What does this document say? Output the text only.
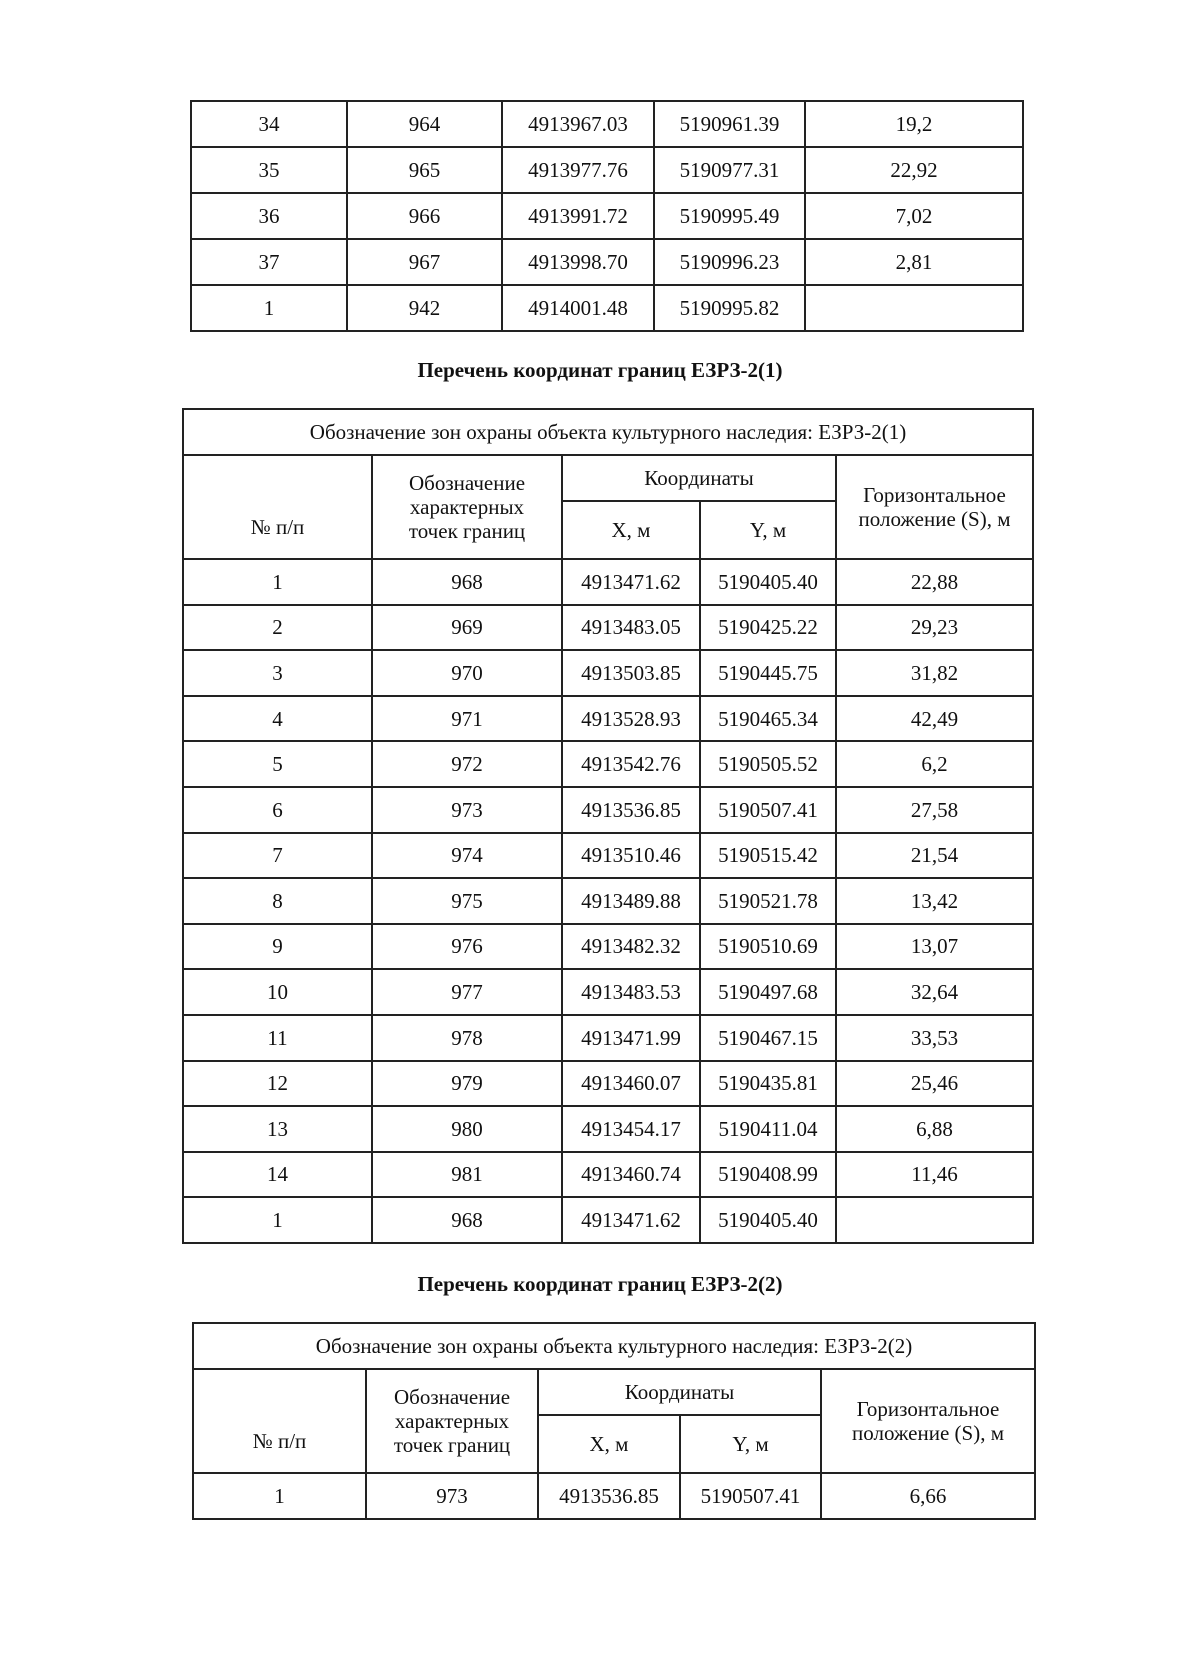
34	964	4913967.03	5190961.39	19,2
35	965	4913977.76	5190977.31	22,92
36	966	4913991.72	5190995.49	7,02
37	967	4913998.70	5190996.23	2,81
1	942	4914001.48	5190995.82	
Перечень координат границ ЕЗРЗ-2(1)
Обозначение зон охраны объекта культурного наследия: ЕЗРЗ-2(1)				
№ п/п	Обозначение характерных точек границ	Координаты		Горизонтальное положение (S), м
		X, м	Y, м	
1	968	4913471.62	5190405.40	22,88
2	969	4913483.05	5190425.22	29,23
3	970	4913503.85	5190445.75	31,82
4	971	4913528.93	5190465.34	42,49
5	972	4913542.76	5190505.52	6,2
6	973	4913536.85	5190507.41	27,58
7	974	4913510.46	5190515.42	21,54
8	975	4913489.88	5190521.78	13,42
9	976	4913482.32	5190510.69	13,07
10	977	4913483.53	5190497.68	32,64
11	978	4913471.99	5190467.15	33,53
12	979	4913460.07	5190435.81	25,46
13	980	4913454.17	5190411.04	6,88
14	981	4913460.74	5190408.99	11,46
1	968	4913471.62	5190405.40	
Перечень координат границ ЕЗРЗ-2(2)
Обозначение зон охраны объекта культурного наследия: ЕЗРЗ-2(2)				
№ п/п	Обозначение характерных точек границ	Координаты		Горизонтальное положение (S), м
		X, м	Y, м	
1	973	4913536.85	5190507.41	6,66
